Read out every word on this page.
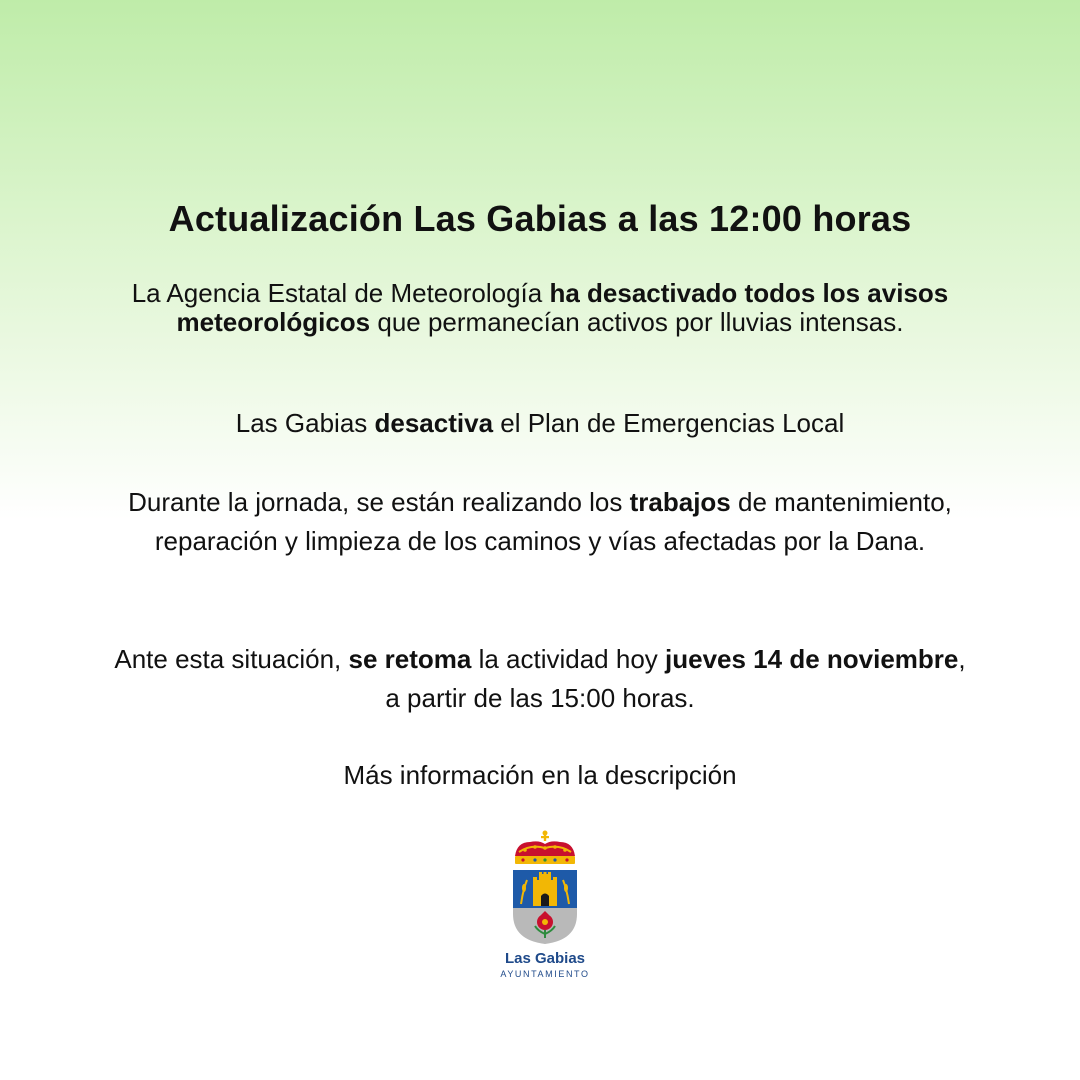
Actualización Las Gabias a las 12:00 horas

La Agencia Estatal de Meteorología ha desactivado todos los avisos meteorológicos que permanecían activos por lluvias intensas.

Las Gabias desactiva el Plan de Emergencias Local

Durante la jornada, se están realizando los trabajos de mantenimiento, reparación y limpieza de los caminos y vías afectadas por la Dana.

Ante esta situación, se retoma la actividad hoy jueves 14 de noviembre, a partir de las 15:00 horas.

Más información en la descripción

Las Gabias
AYUNTAMIENTO
